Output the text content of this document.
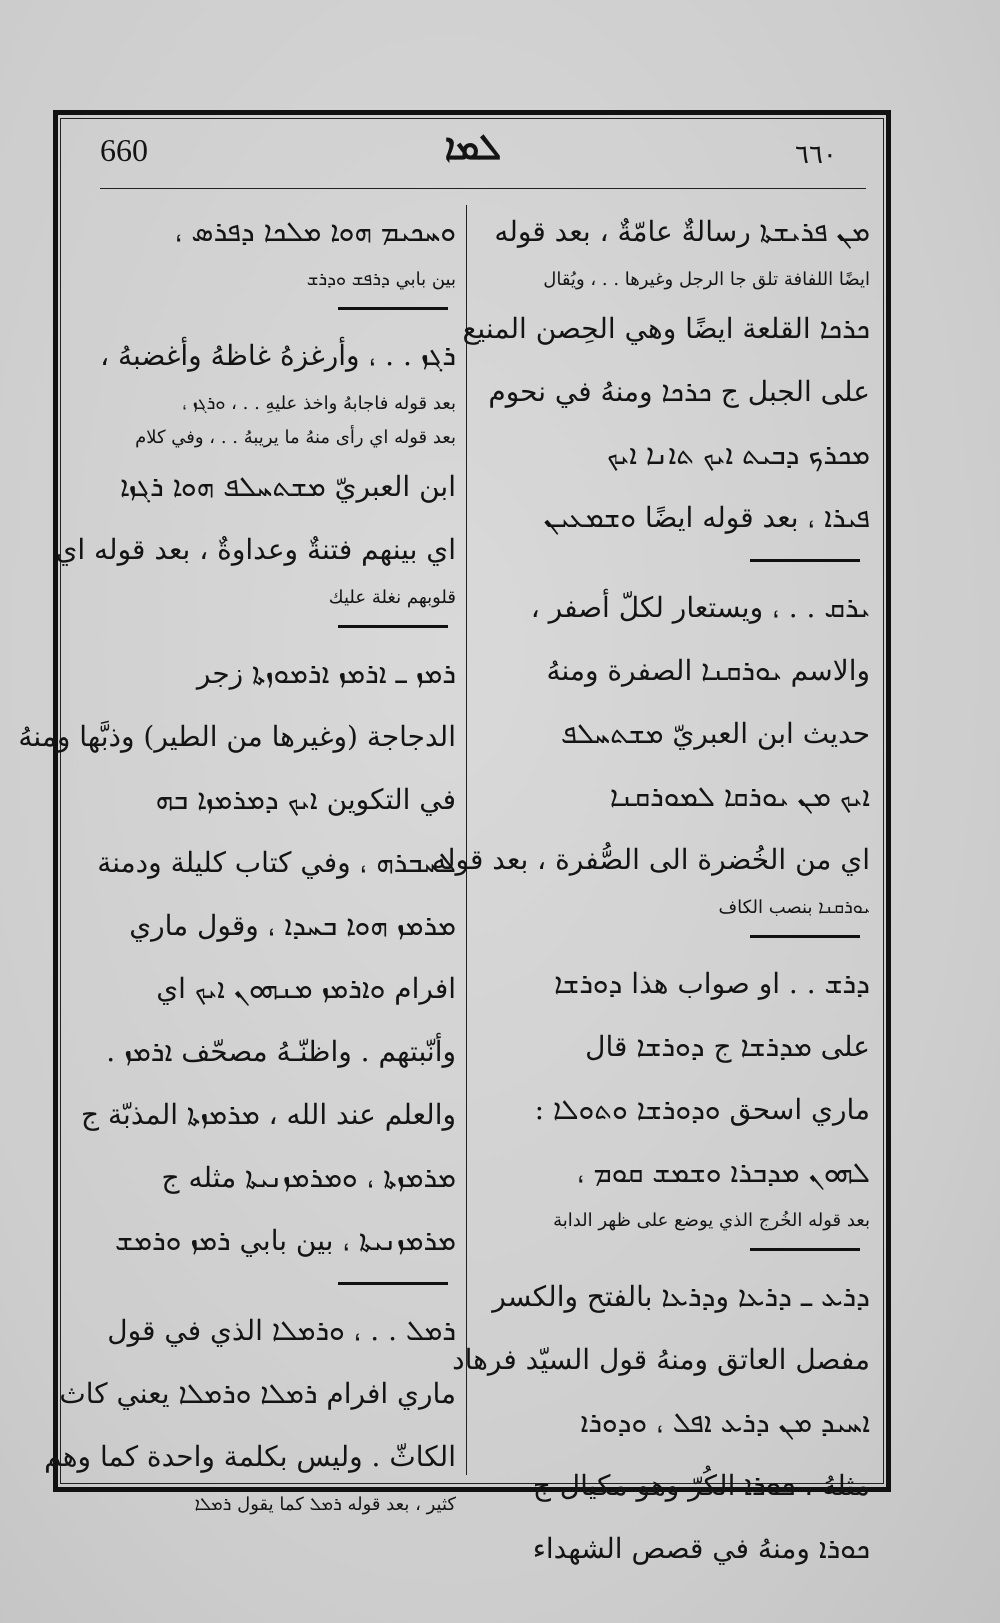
660	ܠܡܐ	٦٦٠
ܡܢ ܦܪܝܫܬܐ رسالةٌ عامّةٌ ، بعد قوله
ايضًا اللفافة تلق جا الرجل وغيرها . . ، ويُقال
ܟܪܟܐ القلعة ايضًا وهي الحِصن المنيع
على الجبل ج ܟܪܟܐ ومنهُ في نحوم
ܡܟܪܟ ܕܒܝܬ ܐܝܟ ܬܐܢܐ ܐܝܟ
ܦܝܪܐ ، بعد قوله ايضًا ܘܫܡܥܝܢ
ܝܪܩ . . ، ويستعار لكلّ أصفر ،
والاسم ܝܘܪܩܢܐ الصفرة ومنهُ
حديث ابن العبريّ ܡܫܬܚܠܦ
ܐܝܟ ܡܢ ܝܘܪܩܐ ܠܡܘܪܩܢܐ
اي من الخُضرة الى الصُّفرة ، بعد قوله
ܝܘܪܩܢܐ بنصب الكاف
ܕܪܫ . . او صواب هذا ܕܘܪܫܐ
على ܡܕܪܫܐ ج ܕܘܪܫܐ قال
ماري اسحق ܘܕܘܪܫܐ ܘܬܘܠܐ :
ܠܗܘܢ ܡܕܒܪܐ ܘܫܡܫ ܩܘܡ ،
بعد قوله الخُرج الذي يوضع على ظهر الدابة
ܕܪܥ ـ ܕܪܥܐ وܕܪܥܐ بالفتح والكسر
مفصل العاتق ومنهُ قول السيّد فرهاد
ܐܚܝܕ ܡܢ ܕܪܥ ܐܦܠ ، ܘܕܘܪܐ
مثلهُ ، ܟܘܪܐ الكُرّ وهو مكيال ج
ܟܘܪܐ ومنهُ في قصص الشهداء
ܘܚܟܝܡ ܗܘܐ ܡܠܟܐ ܕܦܪܣ ،
بين بابي ܕܪܦܫ ܘܕܪܫ
ܪܓܙ . . ، وأرغزهُ غاظهُ وأغضبهُ ،
بعد قوله فاجابهُ واخذ عليهِ . . ، ܘܪܓܙ ،
بعد قوله اي رأى منهُ ما يريبهُ . . ، وفي كلام
ابن العبريّ ܡܫܬܚܠܦ ܗܘܐ ܪܓܙܐ
اي بينهم فتنةٌ وعداوةٌ ، بعد قوله اي
قلوبهم نغلة عليك
ܪܡܙ ـ ܐܪܡܙ ܐܪܡܘܙܬܐ زجر
الدجاجة (وغيرها من الطير) وذبَّها ومنهُ
في التكوين ܐܝܟ ܕܡܪܡܙܐ ܒܗ
ܠܚܒܪܗ ، وفي كتاب كليلة ودمنة
ܡܪܡܙ ܗܘܐ ܒܚܕܐ ، وقول ماري
افرام ܘܐܪܡܙ ܡܢܗܘܢ ܐܝܟ اي
وأنّبتهم . واظنّـهُ مصحّف ܐܪܡܙ .
والعلم عند الله ، ܡܪܡܙܬܐ المذبّة ج
ܡܪܡܙܬܐ ، ܘܡܪܡܙܢܝܬܐ مثله ج
ܡܪܡܙܢܝܬܐ ، بين بابي ܪܡܙ ܘܪܡܫ
ܪܡܠ . . ، ܘܪܡܠܐ الذي في قول
ماري افرام ܪܡܠܐ ܘܪܡܠܐ يعني كاث
الكاثّ . وليس بكلمة واحدة كما وهم
كثير ، بعد قوله ܪܡܠ كما يقول ܪܡܠܐ
